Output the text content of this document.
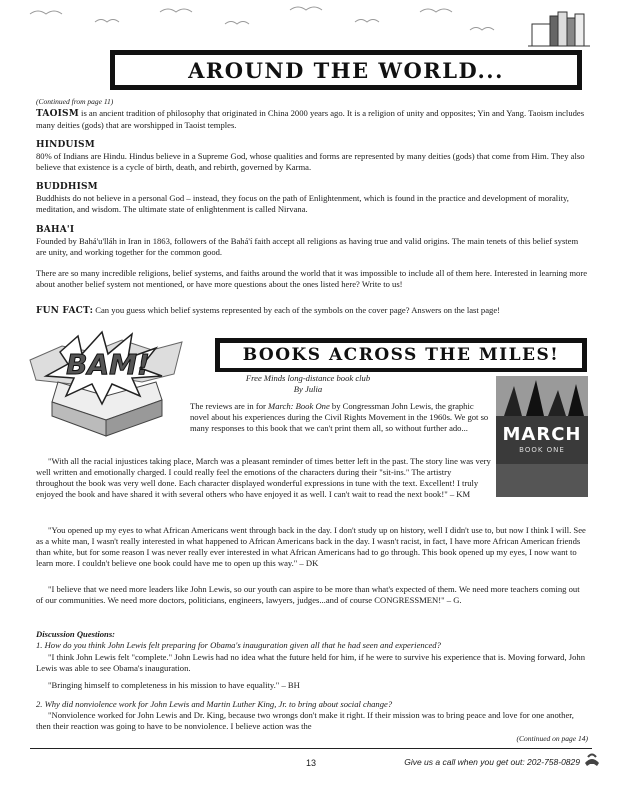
AROUND THE WORLD...

(Continued from page 11)

TAOISM is an ancient tradition of philosophy that originated in China 2000 years ago. It is a religion of unity and opposites; Yin and Yang. Taoism includes many deities (gods) that are worshipped in Taoist temples.

HINDUISM

80% of Indians are Hindu. Hindus believe in a Supreme God, whose qualities and forms are represented by many deities (gods) that come from Him. They also believe that existence is a cycle of birth, death, and rebirth, governed by Karma.

BUDDHISM

Buddhists do not believe in a personal God – instead, they focus on the path of Enlightenment, which is found in the practice and development of morality, meditation, and wisdom. The ultimate state of enlightenment is called Nirvana.

BAHA'I

Founded by Bahá'u'lláh in Iran in 1863, followers of the Bahá'í faith accept all religions as having true and valid origins. The main tenets of this belief system are unity, and working together for the common good.

There are so many incredible religions, belief systems, and faiths around the world that it was impossible to include all of them here. Interested in learning more about another belief system not mentioned, or have more questions about the ones listed here? Write to us!

FUN FACT: Can you guess which belief systems represented by each of the symbols on the cover page? Answers on the last page!

BAM!	BOOKS ACROSS THE MILES!

Free Minds long-distance book club

By Julia

MARCH
BOOK ONE

The reviews are in for March: Book One by Congressman John Lewis, the graphic novel about his experiences during the Civil Rights Movement in the 1960s. We got so many responses to this book that we can't print them all, so without further ado...

"With all the racial injustices taking place, March was a pleasant reminder of times better left in the past. The story line was very well written and emotionally charged. I could really feel the emotions of the characters during their "sit-ins." The artistry throughout the book was very well done. Each character displayed wonderful expressions in tune with the text. Excellent! I truly enjoyed the book and have shared it with several others who have enjoyed it as well. I can't wait to read the next book!" – KM

"You opened up my eyes to what African Americans went through back in the day. I don't study up on history, well I didn't use to, but now I think I will. See as a white man, I wasn't really interested in what happened to African Americans back in the day. I wasn't racist, in fact, I have more African American friends than white, but for some reason I was never really ever interested in what African Americans had to go through. This book opened up my eyes, I now want to learn more. I couldn't believe one book could have me to open up this way." – DK

"I believe that we need more leaders like John Lewis, so our youth can aspire to be more than what's expected of them. We need more teachers coming out of our communities. We need more doctors, politicians, engineers, lawyers, judges...and of course CONGRESSMEN!" – G.

Discussion Questions:

1. How do you think John Lewis felt preparing for Obama's inauguration given all that he had seen and experienced?

"I think John Lewis felt "complete." John Lewis had no idea what the future held for him, if he were to survive his experience that is. Moving forward, John Lewis was able to see Obama's inauguration.

"Bringing himself to completeness in his mission to have equality." – BH

2. Why did nonviolence work for John Lewis and Martin Luther King, Jr. to bring about social change?

"Nonviolence worked for John Lewis and Dr. King, because two wrongs don't make it right. If their mission was to bring peace and love for one another, then their reaction was going to have to be nonviolence. I believe action was the

(Continued on page 14)

13	Give us a call when you get out: 202-758-0829
